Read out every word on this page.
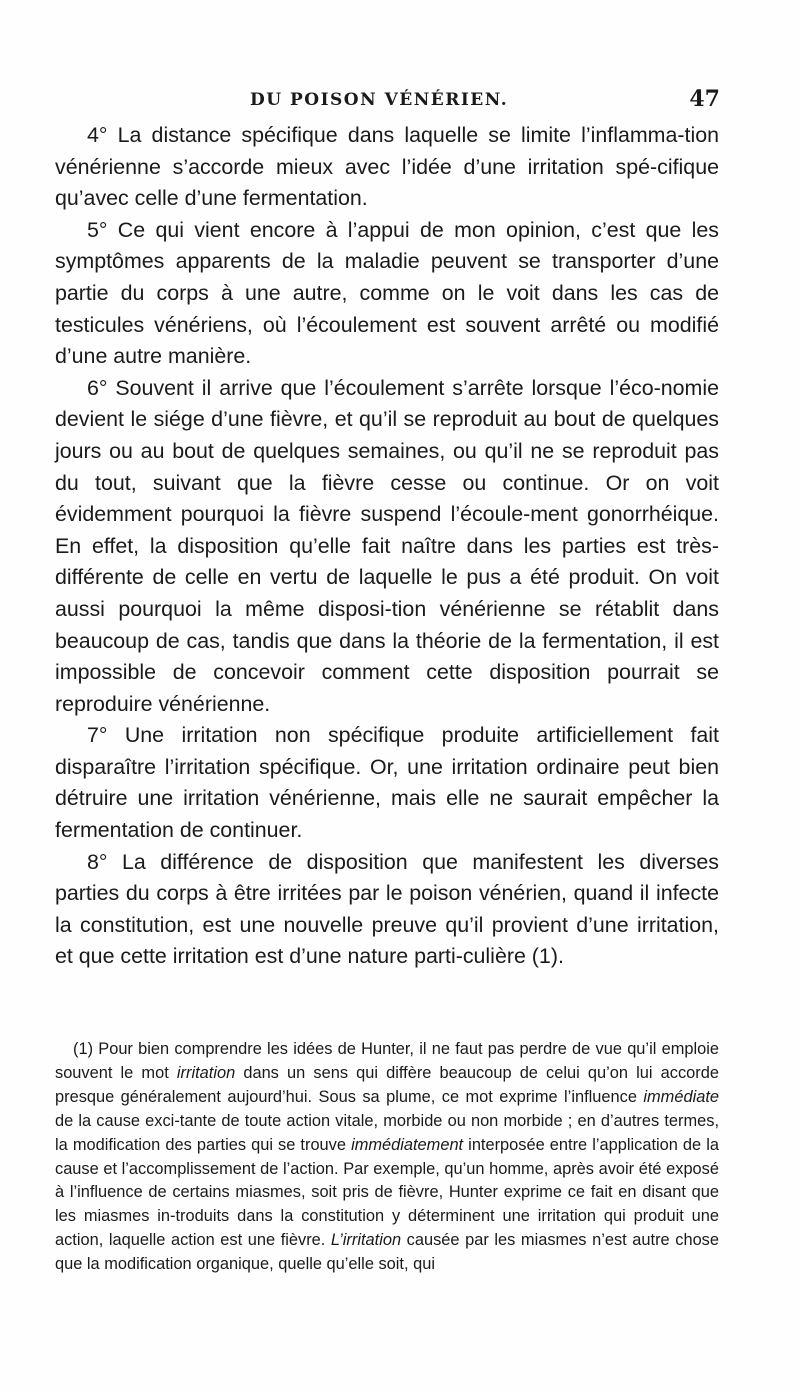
DU POISON VÉNÉRIEN.	47

4° La distance spécifique dans laquelle se limite l’inflamma-tion vénérienne s’accorde mieux avec l’idée d’une irritation spé-cifique qu’avec celle d’une fermentation.

5° Ce qui vient encore à l’appui de mon opinion, c’est que les symptômes apparents de la maladie peuvent se transporter d’une partie du corps à une autre, comme on le voit dans les cas de testicules vénériens, où l’écoulement est souvent arrêté ou modifié d’une autre manière.

6° Souvent il arrive que l’écoulement s’arrête lorsque l’éco-nomie devient le siége d’une fièvre, et qu’il se reproduit au bout de quelques jours ou au bout de quelques semaines, ou qu’il ne se reproduit pas du tout, suivant que la fièvre cesse ou continue. Or on voit évidemment pourquoi la fièvre suspend l’écoule-ment gonorrhéique. En effet, la disposition qu’elle fait naître dans les parties est très-différente de celle en vertu de laquelle le pus a été produit. On voit aussi pourquoi la même disposi-tion vénérienne se rétablit dans beaucoup de cas, tandis que dans la théorie de la fermentation, il est impossible de concevoir comment cette disposition pourrait se reproduire vénérienne.

7° Une irritation non spécifique produite artificiellement fait disparaître l’irritation spécifique. Or, une irritation ordinaire peut bien détruire une irritation vénérienne, mais elle ne saurait empêcher la fermentation de continuer.

8° La différence de disposition que manifestent les diverses parties du corps à être irritées par le poison vénérien, quand il infecte la constitution, est une nouvelle preuve qu’il provient d’une irritation, et que cette irritation est d’une nature parti-culière (1).

(1) Pour bien comprendre les idées de Hunter, il ne faut pas perdre de vue qu’il emploie souvent le mot irritation dans un sens qui diffère beaucoup de celui qu’on lui accorde presque généralement aujourd’hui. Sous sa plume, ce mot exprime l’influence immédiate de la cause exci-tante de toute action vitale, morbide ou non morbide ; en d’autres termes, la modification des parties qui se trouve immédiatement interposée entre l’application de la cause et l’accomplissement de l’action. Par exemple, qu’un homme, après avoir été exposé à l’influence de certains miasmes, soit pris de fièvre, Hunter exprime ce fait en disant que les miasmes in-troduits dans la constitution y déterminent une irritation qui produit une action, laquelle action est une fièvre. L’irritation causée par les miasmes n’est autre chose que la modification organique, quelle qu’elle soit, qui
